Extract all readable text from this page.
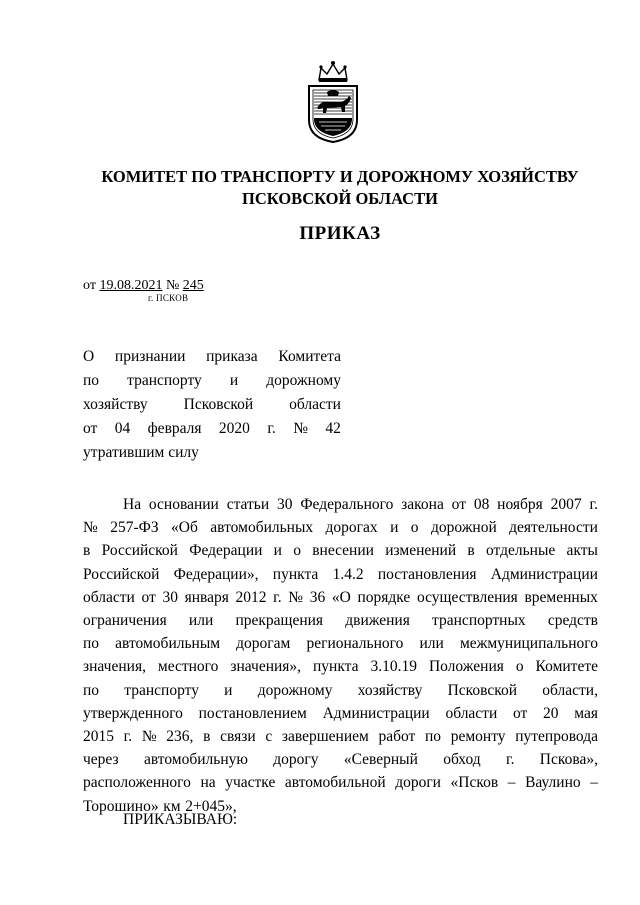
КОМИТЕТ ПО ТРАНСПОРТУ И ДОРОЖНОМУ ХОЗЯЙСТВУ
ПСКОВСКОЙ ОБЛАСТИ
ПРИКАЗ
от 19.08.2021 № 245
г. ПСКОВ
О признании приказа Комитета
по транспорту и дорожному
хозяйству Псковской области
от 04 февраля 2020 г. № 42
утратившим силу
На основании статьи 30 Федерального закона от 08 ноября 2007 г.
№ 257-ФЗ «Об автомобильных дорогах и о дорожной деятельности
в Российской Федерации и о внесении изменений в отдельные акты
Российской Федерации», пункта 1.4.2 постановления Администрации
области от 30 января 2012 г. № 36 «О порядке осуществления временных
ограничения или прекращения движения транспортных средств
по автомобильным дорогам регионального или межмуниципального
значения, местного значения», пункта 3.10.19 Положения о Комитете
по транспорту и дорожному хозяйству Псковской области,
утвержденного постановлением Администрации области от 20 мая
2015 г. № 236, в связи с завершением работ по ремонту путепровода
через автомобильную дорогу «Северный обход г. Пскова»,
расположенного на участке автомобильной дороги «Псков – Ваулино –
Торошино» км 2+045»,
ПРИКАЗЫВАЮ:
